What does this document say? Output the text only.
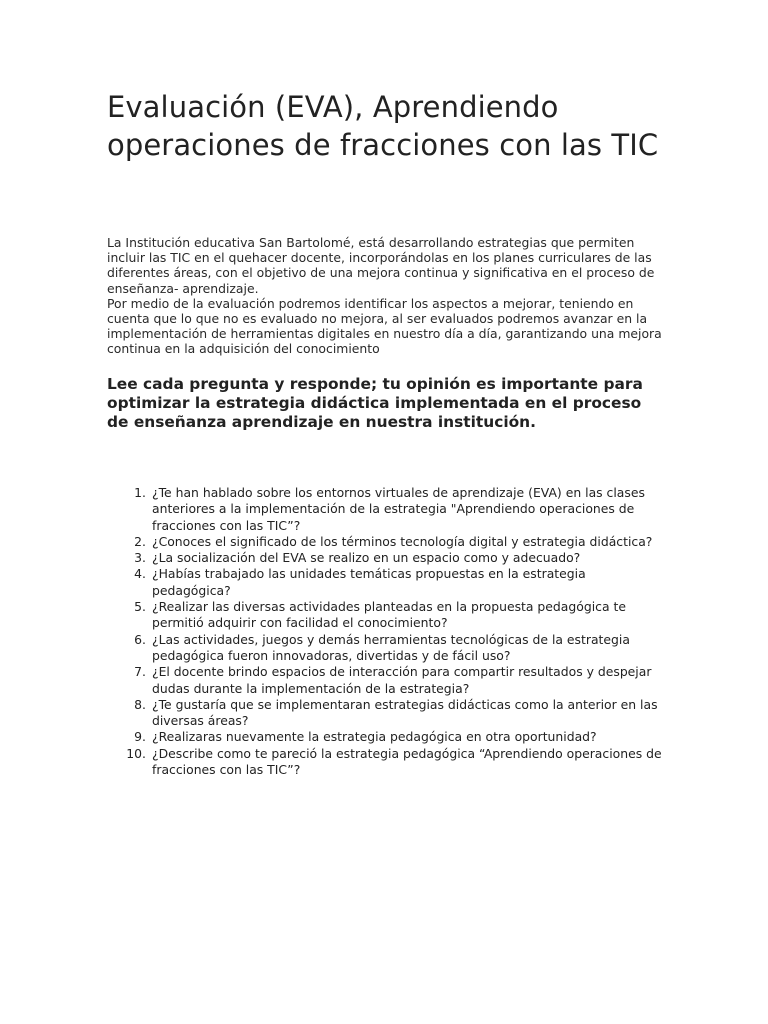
Evaluación (EVA), Aprendiendo operaciones de fracciones con las TIC

La Institución educativa San Bartolomé, está desarrollando estrategias que permiten incluir las TIC en el quehacer docente, incorporándolas en los planes curriculares de las diferentes áreas, con el objetivo de una mejora continua y significativa en el proceso de enseñanza- aprendizaje.

Por medio de la evaluación podremos identificar los aspectos a mejorar, teniendo en cuenta que lo que no es evaluado no mejora, al ser evaluados podremos avanzar en la implementación de herramientas digitales en nuestro día a día, garantizando una mejora continua en la adquisición del conocimiento

Lee cada pregunta y responde; tu opinión es importante para optimizar la estrategia didáctica implementada en el proceso de enseñanza aprendizaje en nuestra institución.

1. ¿Te han hablado sobre los entornos virtuales de aprendizaje (EVA) en las clases anteriores a la implementación de la estrategia "Aprendiendo operaciones de fracciones con las TIC”?
2. ¿Conoces el significado de los términos tecnología digital y estrategia didáctica?
3. ¿La socialización del EVA se realizo en un espacio como y adecuado?
4. ¿Habías trabajado las unidades temáticas propuestas en la estrategia pedagógica?
5. ¿Realizar las diversas actividades planteadas en la propuesta pedagógica te permitió adquirir con facilidad el conocimiento?
6. ¿Las actividades, juegos y demás herramientas tecnológicas de la estrategia pedagógica fueron innovadoras, divertidas y de fácil uso?
7. ¿El docente brindo espacios de interacción para compartir resultados y despejar dudas durante la implementación de la estrategia?
8. ¿Te gustaría que se implementaran estrategias didácticas como la anterior en las diversas áreas?
9. ¿Realizaras nuevamente la estrategia pedagógica en otra oportunidad?
10. ¿Describe como te pareció la estrategia pedagógica “Aprendiendo operaciones de fracciones con las TIC”?
